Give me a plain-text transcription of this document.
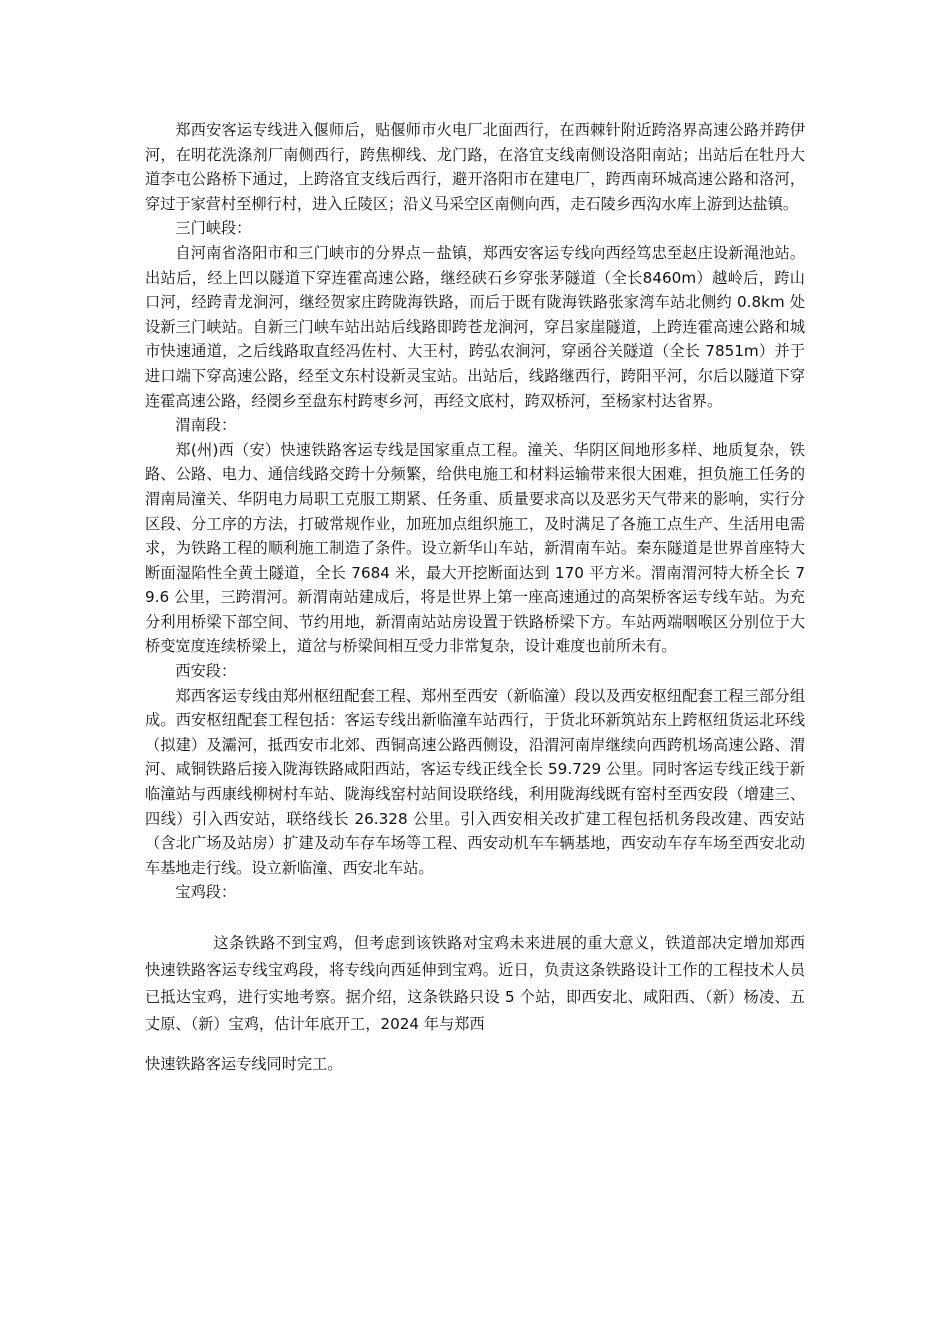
郑西安客运专线进入偃师后，贴偃师市火电厂北面西行，在西棘针附近跨洛界高速公路并跨伊河，在明花洗涤剂厂南侧西行，跨焦柳线、龙门路，在洛宜支线南侧设洛阳南站；出站后在牡丹大道李屯公路桥下通过，上跨洛宜支线后西行，避开洛阳市在建电厂，跨西南环城高速公路和洛河，穿过于家营村至柳行村，进入丘陵区；沿义马采空区南侧向西，走石陵乡西沟水库上游到达盐镇。

三门峡段：

自河南省洛阳市和三门峡市的分界点－盐镇，郑西安客运专线向西经笃忠至赵庄设新渑池站。出站后，经上凹以隧道下穿连霍高速公路，继经硖石乡穿张茅隧道（全长8460m）越岭后，跨山口河，经跨青龙涧河，继经贺家庄跨陇海铁路，而后于既有陇海铁路张家湾车站北侧约 0.8km 处设新三门峡站。自新三门峡车站出站后线路即跨苍龙涧河，穿吕家崖隧道，上跨连霍高速公路和城市快速通道，之后线路取直经冯佐村、大王村，跨弘农涧河，穿函谷关隧道（全长 7851m）并于进口端下穿高速公路，经至文东村设新灵宝站。出站后，线路继西行，跨阳平河，尔后以隧道下穿连霍高速公路，经阌乡至盘东村跨枣乡河，再经文底村，跨双桥河，至杨家村达省界。

渭南段：

郑(州)西（安）快速铁路客运专线是国家重点工程。潼关、华阴区间地形多样、地质复杂，铁路、公路、电力、通信线路交跨十分频繁，给供电施工和材料运输带来很大困难，担负施工任务的渭南局潼关、华阴电力局职工克服工期紧、任务重、质量要求高以及恶劣天气带来的影响，实行分区段、分工序的方法，打破常规作业，加班加点组织施工，及时满足了各施工点生产、生活用电需求，为铁路工程的顺利施工制造了条件。设立新华山车站，新渭南车站。秦东隧道是世界首座特大断面湿陷性全黄土隧道，全长 7684 米，最大开挖断面达到 170 平方米。渭南渭河特大桥全长 79.6 公里，三跨渭河。新渭南站建成后，将是世界上第一座高速通过的高架桥客运专线车站。为充分利用桥梁下部空间、节约用地，新渭南站站房设置于铁路桥梁下方。车站两端咽喉区分别位于大桥变宽度连续桥梁上，道岔与桥梁间相互受力非常复杂，设计难度也前所未有。

西安段：

郑西客运专线由郑州枢纽配套工程、郑州至西安（新临潼）段以及西安枢纽配套工程三部分组成。西安枢纽配套工程包括：客运专线出新临潼车站西行，于货北环新筑站东上跨枢纽货运北环线（拟建）及灞河，抵西安市北郊、西铜高速公路西侧设，沿渭河南岸继续向西跨机场高速公路、渭河、咸铜铁路后接入陇海铁路咸阳西站，客运专线正线全长 59.729 公里。同时客运专线正线于新临潼站与西康线柳树村车站、陇海线窑村站间设联络线，利用陇海线既有窑村至西安段（增建三、四线）引入西安站，联络线长 26.328 公里。引入西安相关改扩建工程包括机务段改建、西安站（含北广场及站房）扩建及动车存车场等工程、西安动机车车辆基地，西安动车存车场至西安北动车基地走行线。设立新临潼、西安北车站。

宝鸡段：

这条铁路不到宝鸡，但考虑到该铁路对宝鸡未来进展的重大意义，铁道部决定增加郑西快速铁路客运专线宝鸡段，将专线向西延伸到宝鸡。近日，负责这条铁路设计工作的工程技术人员已抵达宝鸡，进行实地考察。据介绍，这条铁路只设 5 个站，即西安北、咸阳西、（新）杨凌、五丈原、（新）宝鸡，估计年底开工，2024 年与郑西

快速铁路客运专线同时完工。
